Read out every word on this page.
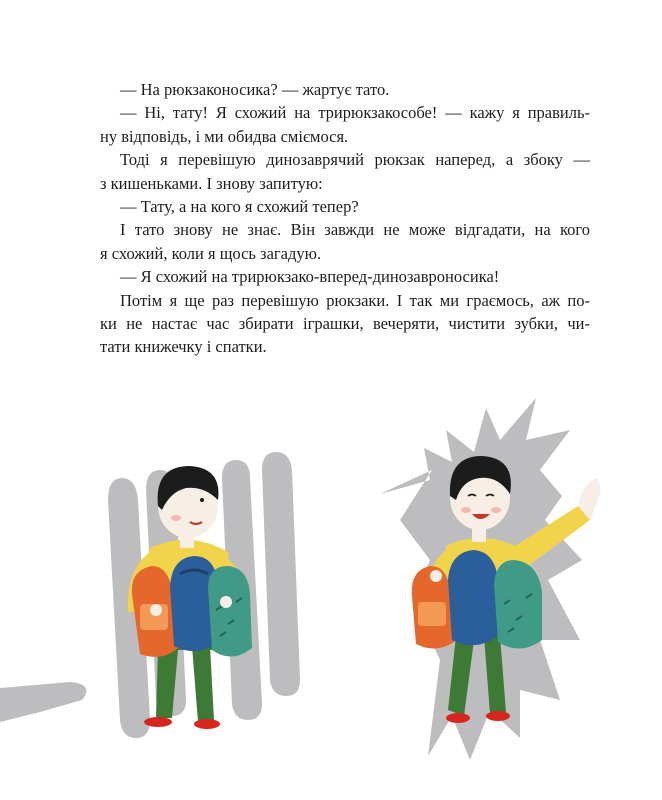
— На рюкзаконосика? — жартує тато.
— Ні, тату! Я схожий на трирюкзакособе! — кажу я правиль-
ну відповідь, і ми обидва сміємося.
Тоді я перевішую динозаврячий рюкзак наперед, а збоку —
з кишеньками. І знову запитую:
— Тату, а на кого я схожий тепер?
І тато знову не знає. Він завжди не може відгадати, на кого
я схожий, коли я щось загадую.
— Я схожий на трирюкзако-вперед-динозавроносика!
Потім я ще раз перевішую рюкзаки. І так ми граємось, аж по-
ки не настає час збирати іграшки, вечеряти, чистити зубки, чи-
тати книжечку і спатки.
